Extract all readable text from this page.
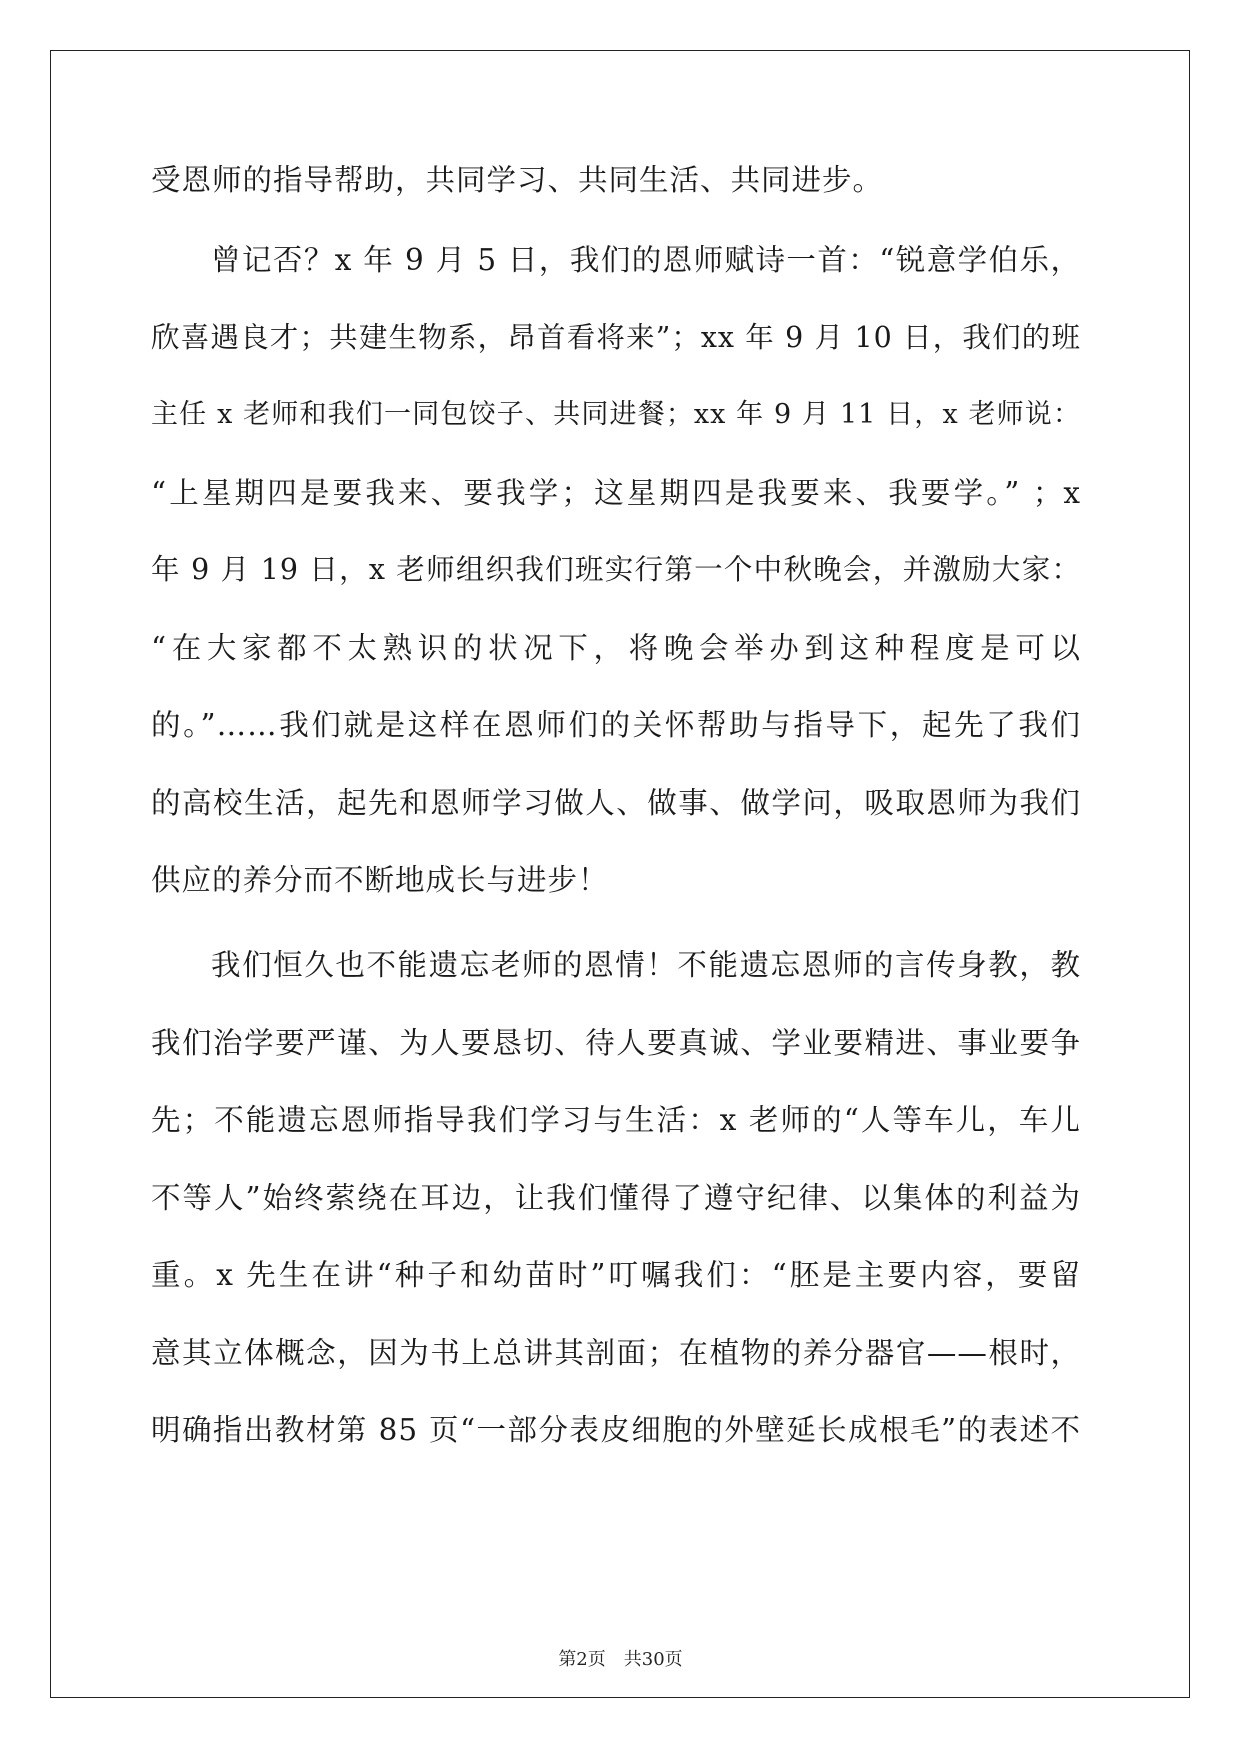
受恩师的指导帮助，共同学习、共同生活、共同进步。
曾记否？x 年 9 月 5 日，我们的恩师赋诗一首：“锐意学伯乐，
欣喜遇良才；共建生物系，昂首看将来”；xx 年 9 月 10 日，我们的班
主任 x 老师和我们一同包饺子、共同进餐；xx 年 9 月 11 日，x 老师说：
“上星期四是要我来、要我学；这星期四是我要来、我要学。” ；x
年 9 月 19 日，x 老师组织我们班实行第一个中秋晚会，并激励大家：
“在大家都不太熟识的状况下，将晚会举办到这种程度是可以
的。”……我们就是这样在恩师们的关怀帮助与指导下，起先了我们
的高校生活，起先和恩师学习做人、做事、做学问，吸取恩师为我们
供应的养分而不断地成长与进步！
我们恒久也不能遗忘老师的恩情！不能遗忘恩师的言传身教，教
我们治学要严谨、为人要恳切、待人要真诚、学业要精进、事业要争
先；不能遗忘恩师指导我们学习与生活：x 老师的“人等车儿，车儿
不等人”始终萦绕在耳边，让我们懂得了遵守纪律、以集体的利益为
重。x 先生在讲“种子和幼苗时”叮嘱我们：“胚是主要内容，要留
意其立体概念，因为书上总讲其剖面；在植物的养分器官——根时，
明确指出教材第 85 页“一部分表皮细胞的外壁延长成根毛”的表述不
第2页 共30页
